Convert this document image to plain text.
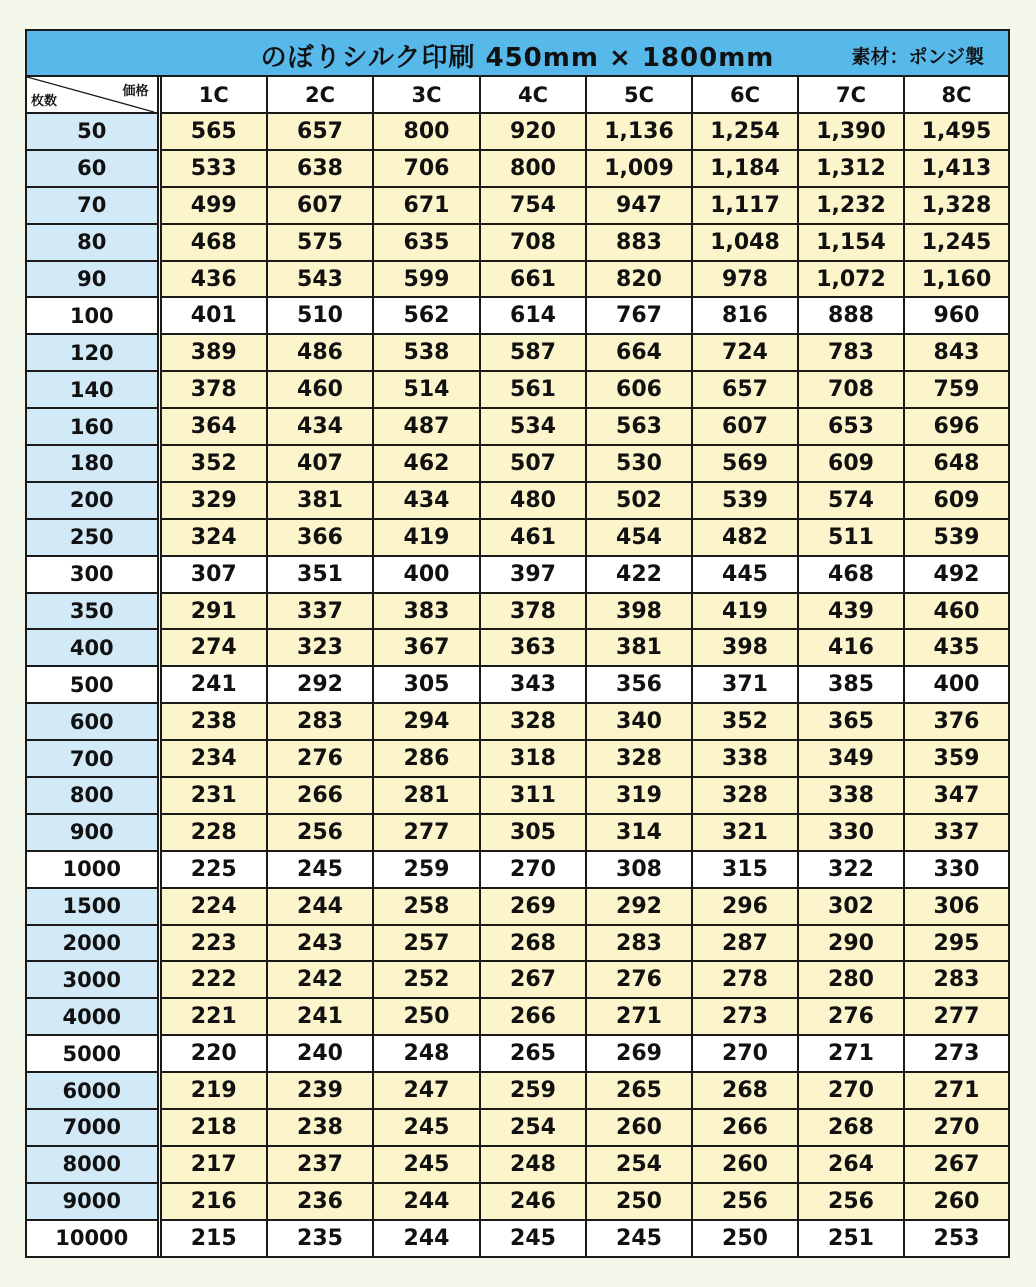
のぼりシルク印刷 450mm × 1800mm	素材：ポンジ製
価格
枚数	1C	2C	3C	4C	5C	6C	7C	8C
50	565	657	800	920	1,136	1,254	1,390	1,495
60	533	638	706	800	1,009	1,184	1,312	1,413
70	499	607	671	754	947	1,117	1,232	1,328
80	468	575	635	708	883	1,048	1,154	1,245
90	436	543	599	661	820	978	1,072	1,160
100	401	510	562	614	767	816	888	960
120	389	486	538	587	664	724	783	843
140	378	460	514	561	606	657	708	759
160	364	434	487	534	563	607	653	696
180	352	407	462	507	530	569	609	648
200	329	381	434	480	502	539	574	609
250	324	366	419	461	454	482	511	539
300	307	351	400	397	422	445	468	492
350	291	337	383	378	398	419	439	460
400	274	323	367	363	381	398	416	435
500	241	292	305	343	356	371	385	400
600	238	283	294	328	340	352	365	376
700	234	276	286	318	328	338	349	359
800	231	266	281	311	319	328	338	347
900	228	256	277	305	314	321	330	337
1000	225	245	259	270	308	315	322	330
1500	224	244	258	269	292	296	302	306
2000	223	243	257	268	283	287	290	295
3000	222	242	252	267	276	278	280	283
4000	221	241	250	266	271	273	276	277
5000	220	240	248	265	269	270	271	273
6000	219	239	247	259	265	268	270	271
7000	218	238	245	254	260	266	268	270
8000	217	237	245	248	254	260	264	267
9000	216	236	244	246	250	256	256	260
10000	215	235	244	245	245	250	251	253
